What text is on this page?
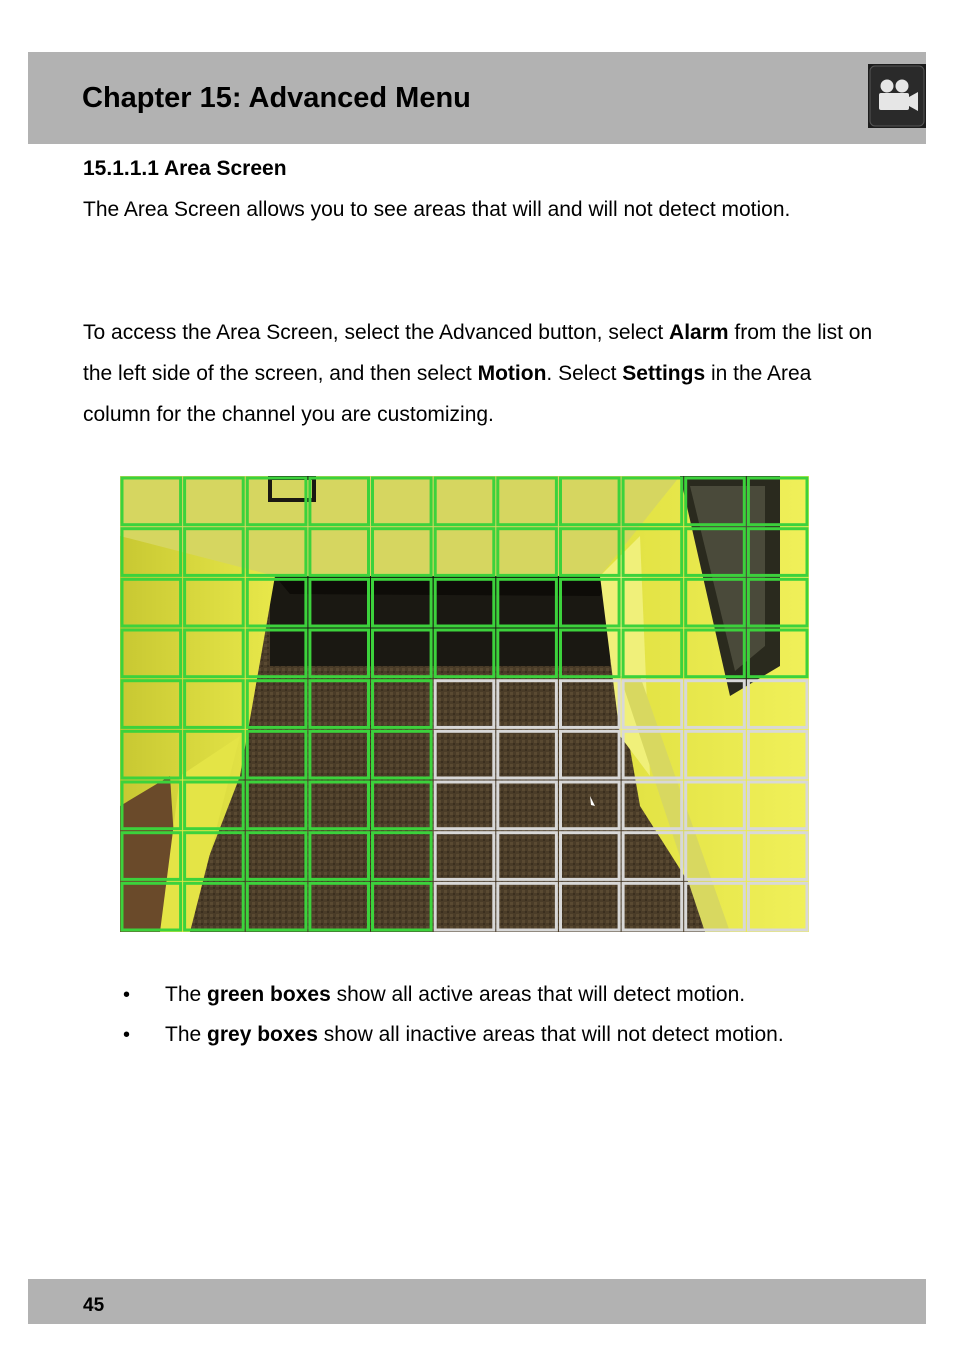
Chapter 15: Advanced Menu
15.1.1.1 Area Screen

The Area Screen allows you to see areas that will and will not detect motion.

To access the Area Screen, select the Advanced button, select Alarm from the list on the left side of the screen, and then select Motion. Select Settings in the Area column for the channel you are customizing.

• The green boxes show all active areas that will detect motion.
• The grey boxes show all inactive areas that will not detect motion.
45
